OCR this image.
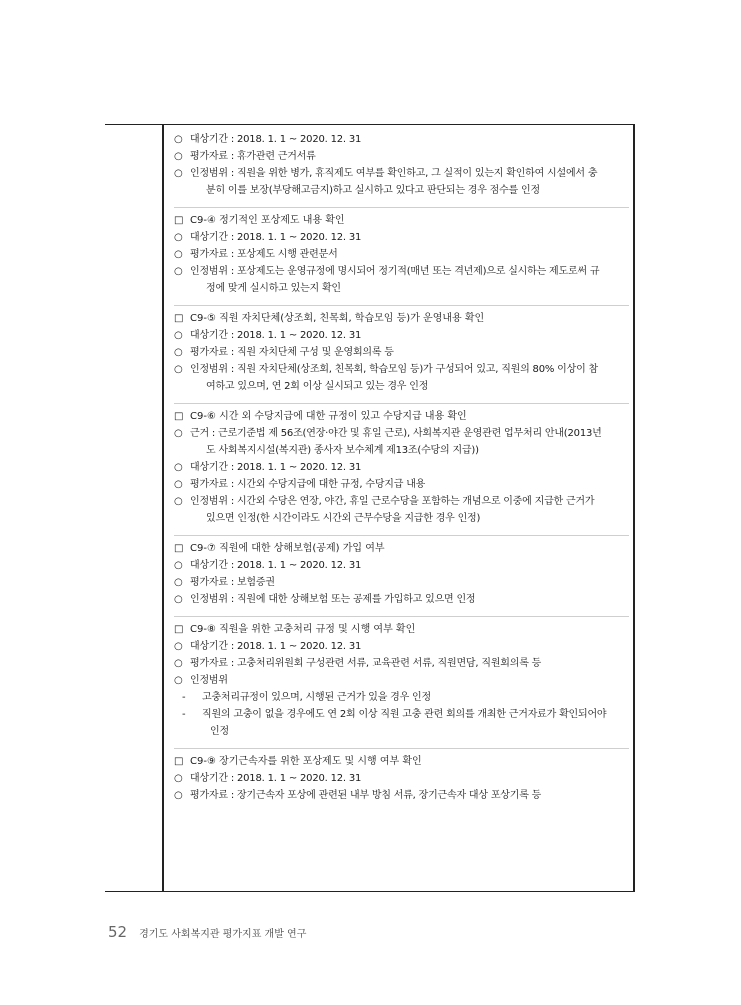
○ 대상기간 : 2018. 1. 1 ~ 2020. 12. 31
○ 평가자료 : 휴가관련 근거서류
○ 인정범위 : 직원을 위한 병가, 휴직제도 여부를 확인하고, 그 실적이 있는지 확인하여 시설에서 충
분히 이를 보장(부당해고금지)하고 실시하고 있다고 판단되는 경우 점수를 인정
□ C9-④ 정기적인 포상제도 내용 확인
○ 대상기간 : 2018. 1. 1 ~ 2020. 12. 31
○ 평가자료 : 포상제도 시행 관련문서
○ 인정범위 : 포상제도는 운영규정에 명시되어 정기적(매년 또는 격년제)으로 실시하는 제도로써 규
정에 맞게 실시하고 있는지 확인
□ C9-⑤ 직원 자치단체(상조회, 친목회, 학습모임 등)가 운영내용 확인
○ 대상기간 : 2018. 1. 1 ~ 2020. 12. 31
○ 평가자료 : 직원 자치단체 구성 및 운영회의록 등
○ 인정범위 : 직원 자치단체(상조회, 친목회, 학습모임 등)가 구성되어 있고, 직원의 80% 이상이 참
여하고 있으며, 연 2회 이상 실시되고 있는 경우 인정
□ C9-⑥ 시간 외 수당지급에 대한 규정이 있고 수당지급 내용 확인
○ 근거 : 근로기준법 제 56조(연장·야간 및 휴일 근로), 사회복지관 운영관련 업무처리 안내(2013년
도 사회복지시설(복지관) 종사자 보수체계 제13조(수당의 지급))
○ 대상기간 : 2018. 1. 1 ~ 2020. 12. 31
○ 평가자료 : 시간외 수당지급에 대한 규정, 수당지급 내용
○ 인정범위 : 시간외 수당은 연장, 야간, 휴일 근로수당을 포함하는 개념으로 이중에 지급한 근거가
있으면 인정(한 시간이라도 시간외 근무수당을 지급한 경우 인정)
□ C9-⑦ 직원에 대한 상해보험(공제) 가입 여부
○ 대상기간 : 2018. 1. 1 ~ 2020. 12. 31
○ 평가자료 : 보험증권
○ 인정범위 : 직원에 대한 상해보험 또는 공제를 가입하고 있으면 인정
□ C9-⑧ 직원을 위한 고충처리 규정 및 시행 여부 확인
○ 대상기간 : 2018. 1. 1 ~ 2020. 12. 31
○ 평가자료 : 고충처리위원회 구성관련 서류, 교육관련 서류, 직원면담, 직원회의록 등
○ 인정범위
-	고충처리규정이 있으며, 시행된 근거가 있을 경우 인정
-	직원의 고충이 없을 경우에도 연 2회 이상 직원 고충 관련 회의를 개최한 근거자료가 확인되어야
인정
□ C9-⑨ 장기근속자를 위한 포상제도 및 시행 여부 확인
○ 대상기간 : 2018. 1. 1 ~ 2020. 12. 31
○ 평가자료 : 장기근속자 포상에 관련된 내부 방침 서류, 장기근속자 대상 포상기록 등
52 경기도 사회복지관 평가지표 개발 연구
